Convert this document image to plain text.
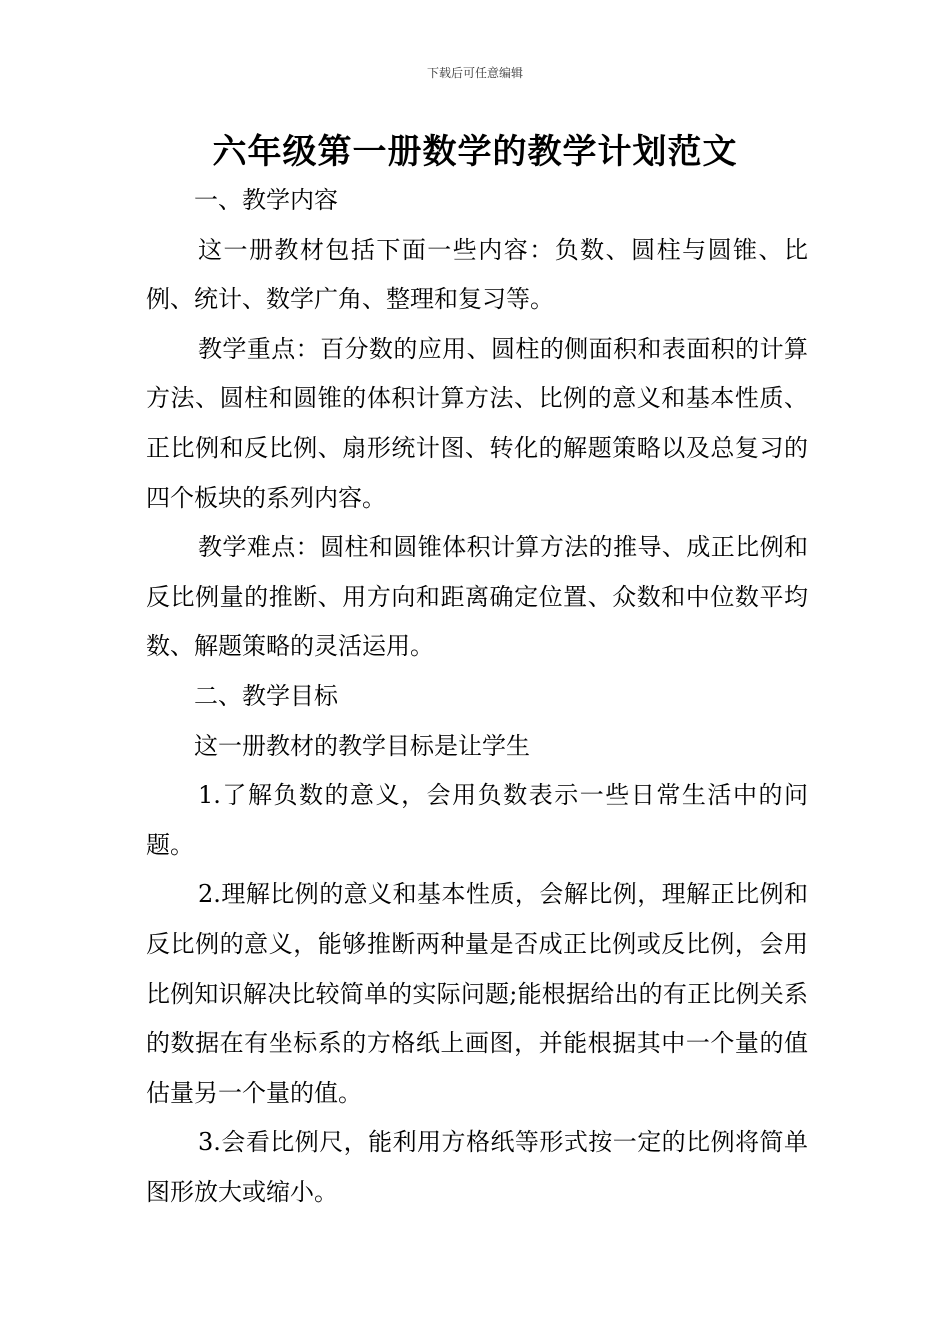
下载后可任意编辑
六年级第一册数学的教学计划范文

一、教学内容

这一册教材包括下面一些内容：负数、圆柱与圆锥、比例、统计、数学广角、整理和复习等。

教学重点：百分数的应用、圆柱的侧面积和表面积的计算方法、圆柱和圆锥的体积计算方法、比例的意义和基本性质、正比例和反比例、扇形统计图、转化的解题策略以及总复习的四个板块的系列内容。

教学难点：圆柱和圆锥体积计算方法的推导、成正比例和反比例量的推断、用方向和距离确定位置、众数和中位数平均数、解题策略的灵活运用。

二、教学目标

这一册教材的教学目标是让学生

1.了解负数的意义，会用负数表示一些日常生活中的问题。

2.理解比例的意义和基本性质，会解比例，理解正比例和反比例的意义，能够推断两种量是否成正比例或反比例，会用比例知识解决比较简单的实际问题;能根据给出的有正比例关系的数据在有坐标系的方格纸上画图，并能根据其中一个量的值估量另一个量的值。

3.会看比例尺，能利用方格纸等形式按一定的比例将简单图形放大或缩小。
